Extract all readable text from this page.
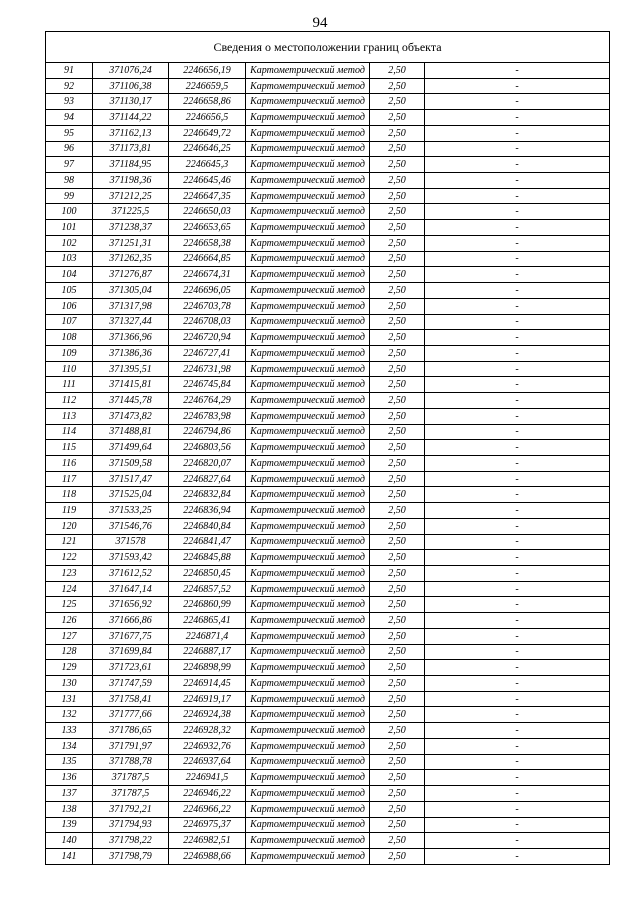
94
Сведения о местоположении границ объекта					
91	371076,24	2246656,19	Картометрический метод	2,50	-
92	371106,38	2246659,5	Картометрический метод	2,50	-
93	371130,17	2246658,86	Картометрический метод	2,50	-
94	371144,22	2246656,5	Картометрический метод	2,50	-
95	371162,13	2246649,72	Картометрический метод	2,50	-
96	371173,81	2246646,25	Картометрический метод	2,50	-
97	371184,95	2246645,3	Картометрический метод	2,50	-
98	371198,36	2246645,46	Картометрический метод	2,50	-
99	371212,25	2246647,35	Картометрический метод	2,50	-
100	371225,5	2246650,03	Картометрический метод	2,50	-
101	371238,37	2246653,65	Картометрический метод	2,50	-
102	371251,31	2246658,38	Картометрический метод	2,50	-
103	371262,35	2246664,85	Картометрический метод	2,50	-
104	371276,87	2246674,31	Картометрический метод	2,50	-
105	371305,04	2246696,05	Картометрический метод	2,50	-
106	371317,98	2246703,78	Картометрический метод	2,50	-
107	371327,44	2246708,03	Картометрический метод	2,50	-
108	371366,96	2246720,94	Картометрический метод	2,50	-
109	371386,36	2246727,41	Картометрический метод	2,50	-
110	371395,51	2246731,98	Картометрический метод	2,50	-
111	371415,81	2246745,84	Картометрический метод	2,50	-
112	371445,78	2246764,29	Картометрический метод	2,50	-
113	371473,82	2246783,98	Картометрический метод	2,50	-
114	371488,81	2246794,86	Картометрический метод	2,50	-
115	371499,64	2246803,56	Картометрический метод	2,50	-
116	371509,58	2246820,07	Картометрический метод	2,50	-
117	371517,47	2246827,64	Картометрический метод	2,50	-
118	371525,04	2246832,84	Картометрический метод	2,50	-
119	371533,25	2246836,94	Картометрический метод	2,50	-
120	371546,76	2246840,84	Картометрический метод	2,50	-
121	371578	2246841,47	Картометрический метод	2,50	-
122	371593,42	2246845,88	Картометрический метод	2,50	-
123	371612,52	2246850,45	Картометрический метод	2,50	-
124	371647,14	2246857,52	Картометрический метод	2,50	-
125	371656,92	2246860,99	Картометрический метод	2,50	-
126	371666,86	2246865,41	Картометрический метод	2,50	-
127	371677,75	2246871,4	Картометрический метод	2,50	-
128	371699,84	2246887,17	Картометрический метод	2,50	-
129	371723,61	2246898,99	Картометрический метод	2,50	-
130	371747,59	2246914,45	Картометрический метод	2,50	-
131	371758,41	2246919,17	Картометрический метод	2,50	-
132	371777,66	2246924,38	Картометрический метод	2,50	-
133	371786,65	2246928,32	Картометрический метод	2,50	-
134	371791,97	2246932,76	Картометрический метод	2,50	-
135	371788,78	2246937,64	Картометрический метод	2,50	-
136	371787,5	2246941,5	Картометрический метод	2,50	-
137	371787,5	2246946,22	Картометрический метод	2,50	-
138	371792,21	2246966,22	Картометрический метод	2,50	-
139	371794,93	2246975,37	Картометрический метод	2,50	-
140	371798,22	2246982,51	Картометрический метод	2,50	-
141	371798,79	2246988,66	Картометрический метод	2,50	-
